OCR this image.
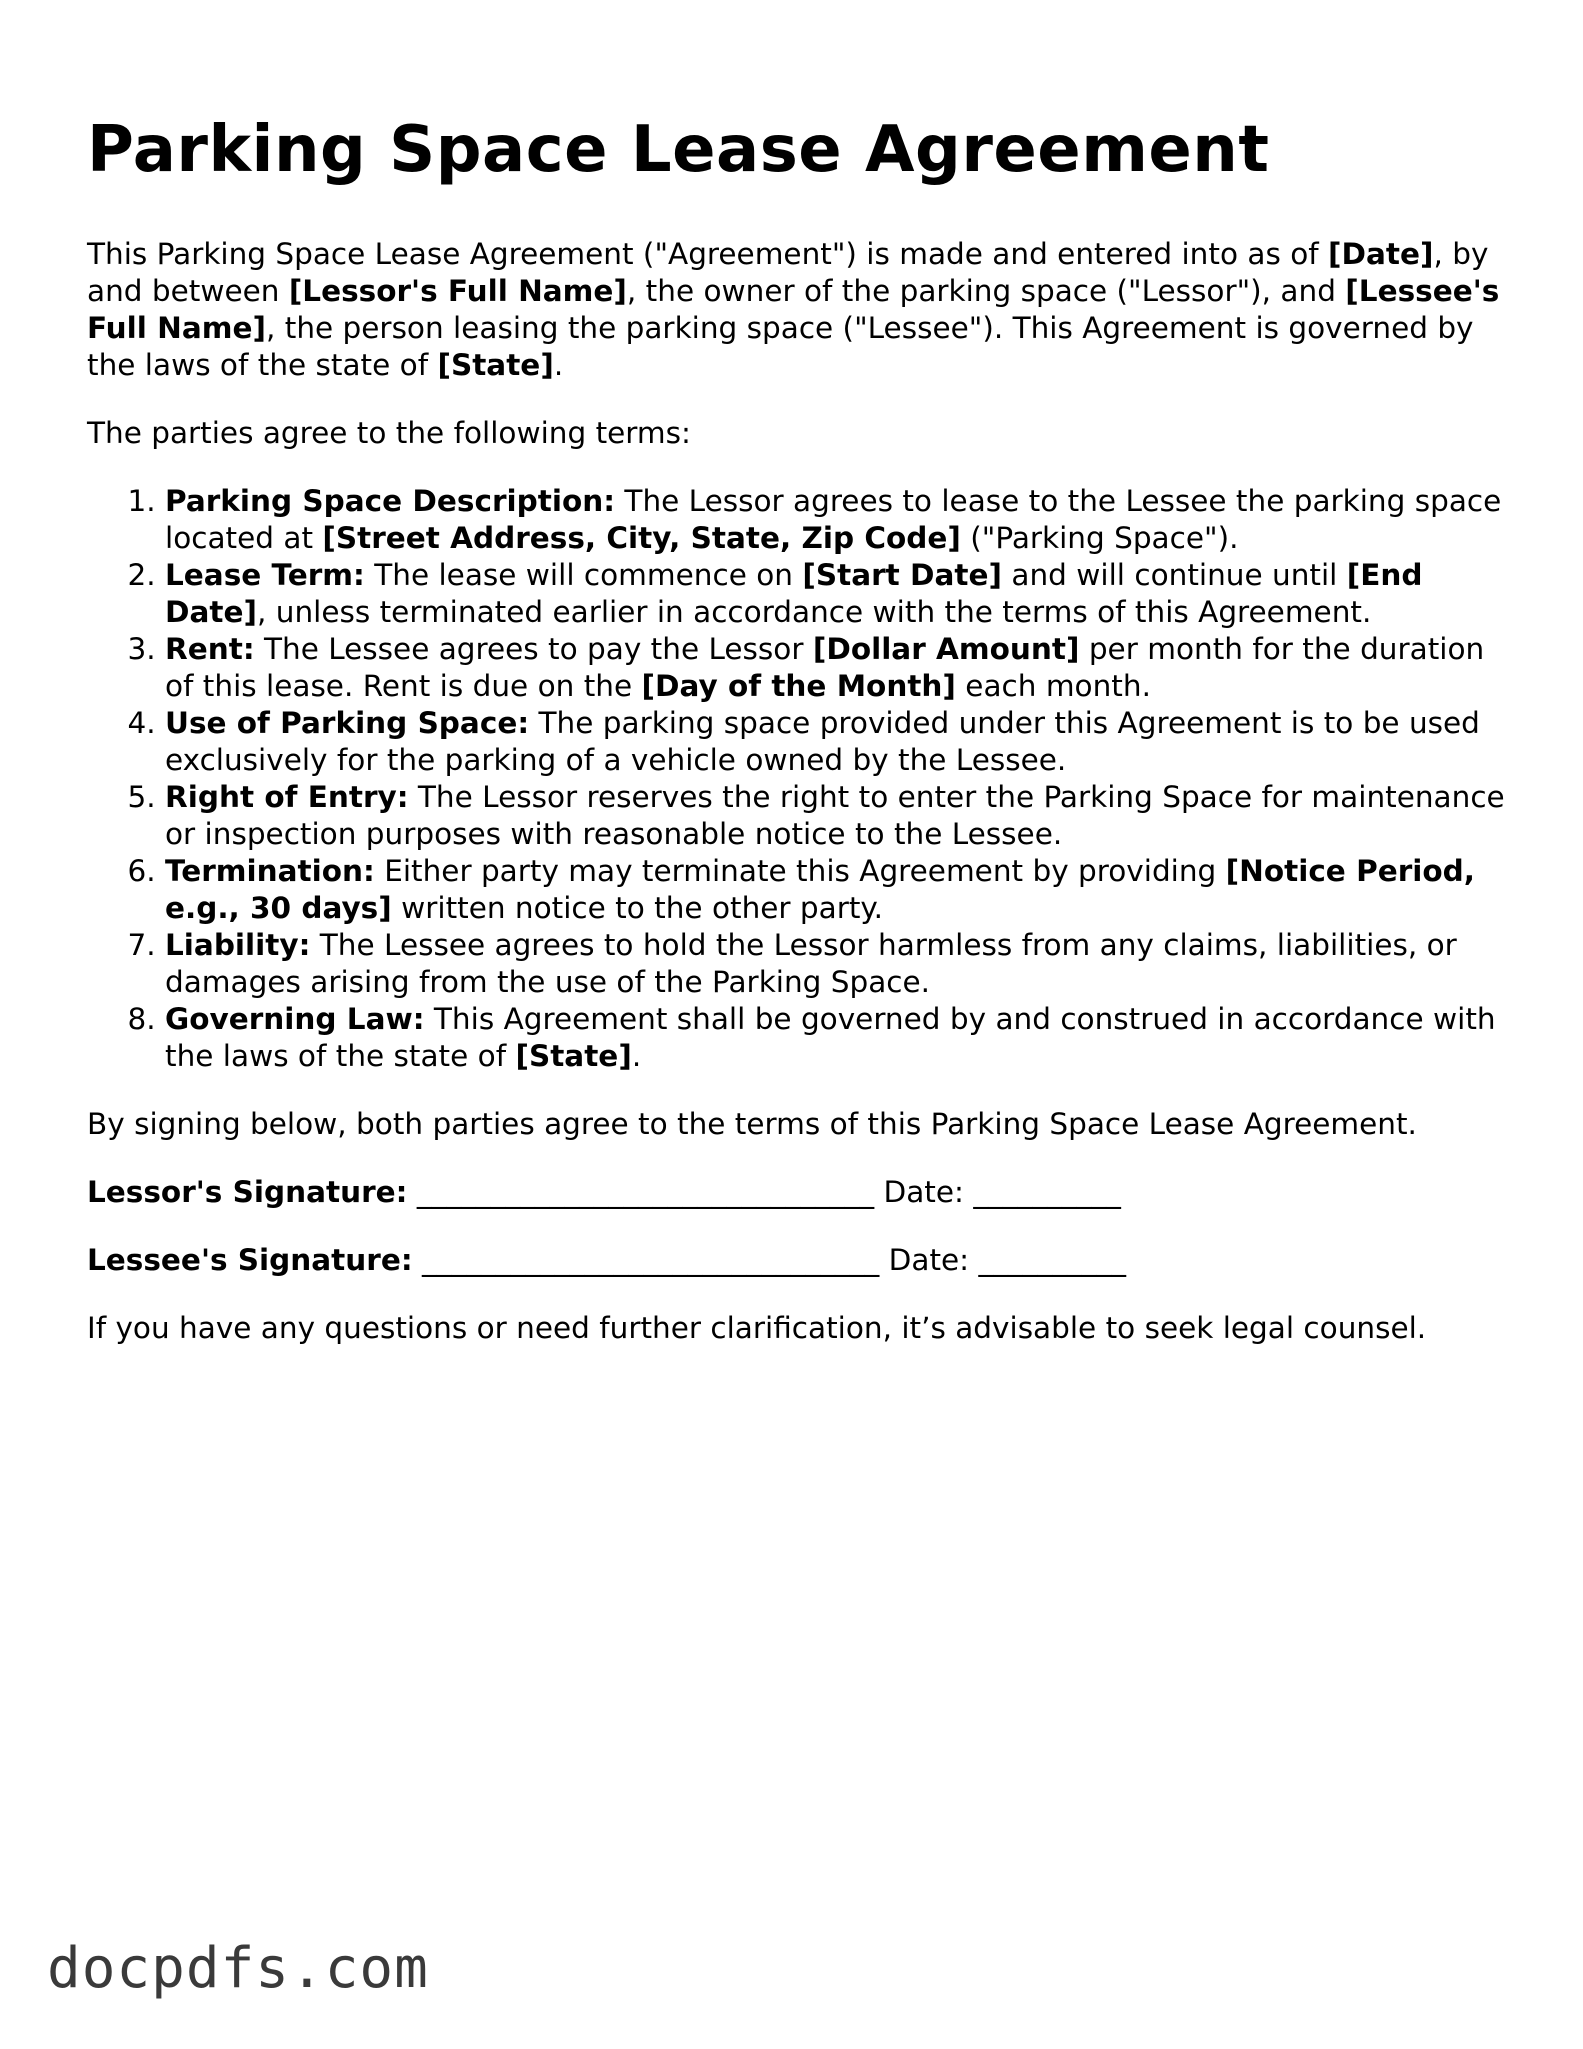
Parking Space Lease Agreement

This Parking Space Lease Agreement ("Agreement") is made and entered into as of [Date], by and between [Lessor's Full Name], the owner of the parking space ("Lessor"), and [Lessee's Full Name], the person leasing the parking space ("Lessee"). This Agreement is governed by the laws of the state of [State].

The parties agree to the following terms:

1. Parking Space Description: The Lessor agrees to lease to the Lessee the parking space located at [Street Address, City, State, Zip Code] ("Parking Space").
2. Lease Term: The lease will commence on [Start Date] and will continue until [End Date], unless terminated earlier in accordance with the terms of this Agreement.
3. Rent: The Lessee agrees to pay the Lessor [Dollar Amount] per month for the duration of this lease. Rent is due on the [Day of the Month] each month.
4. Use of Parking Space: The parking space provided under this Agreement is to be used exclusively for the parking of a vehicle owned by the Lessee.
5. Right of Entry: The Lessor reserves the right to enter the Parking Space for maintenance or inspection purposes with reasonable notice to the Lessee.
6. Termination: Either party may terminate this Agreement by providing [Notice Period, e.g., 30 days] written notice to the other party.
7. Liability: The Lessee agrees to hold the Lessor harmless from any claims, liabilities, or damages arising from the use of the Parking Space.
8. Governing Law: This Agreement shall be governed by and construed in accordance with the laws of the state of [State].

By signing below, both parties agree to the terms of this Parking Space Lease Agreement.

Lessor's Signature: _______________________________ Date: __________
Lessee's Signature: _______________________________ Date: __________

If you have any questions or need further clarification, it’s advisable to seek legal counsel.

docpdfs.com
